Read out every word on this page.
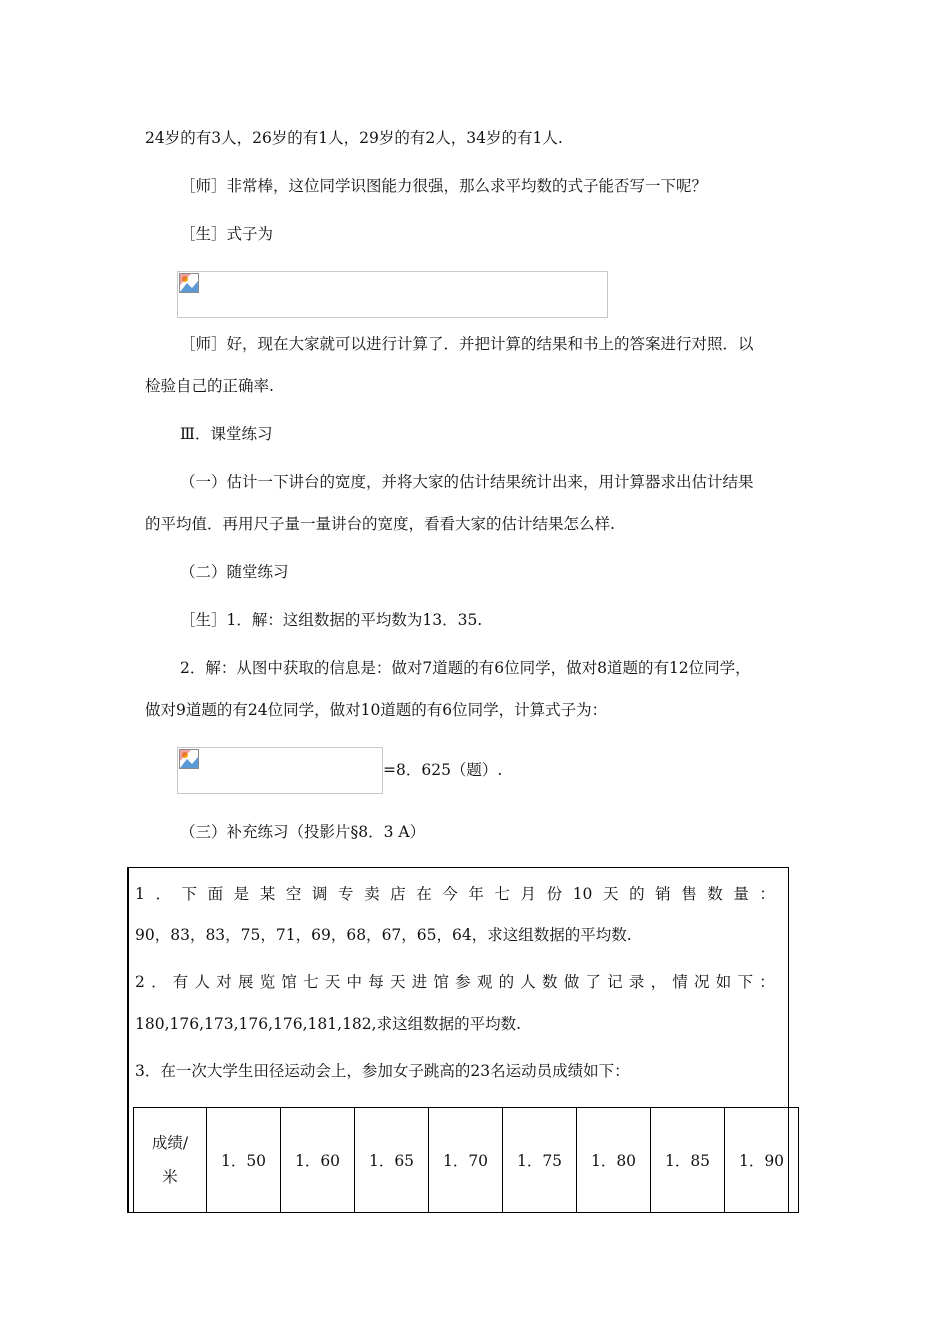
24岁的有3人，26岁的有1人，29岁的有2人，34岁的有1人.
［师］非常棒，这位同学识图能力很强，那么求平均数的式子能否写一下呢？
［生］式子为
［师］好，现在大家就可以进行计算了．并把计算的结果和书上的答案进行对照．以
检验自己的正确率.
Ⅲ．课堂练习
（一）估计一下讲台的宽度，并将大家的估计结果统计出来，用计算器求出估计结果
的平均值．再用尺子量一量讲台的宽度，看看大家的估计结果怎么样.
（二）随堂练习
［生］1．解：这组数据的平均数为13．35.
2．解：从图中获取的信息是：做对7道题的有6位同学，做对8道题的有12位同学，
做对9道题的有24位同学，做对10道题的有6位同学，计算式子为：
=8．625（题）.
（三）补充练习（投影片§8．3 A）
1 ． 下 面 是 某 空 调 专 卖 店 在 今 年 七 月 份 10 天 的 销 售 数 量 ：
90，83，83，75，71，69，68，67，65，64，求这组数据的平均数.
2 ． 有 人 对 展 览 馆 七 天 中 每 天 进 馆 参 观 的 人 数 做 了 记 录 ， 情 况 如 下 ：
180,176,173,176,176,181,182,求这组数据的平均数.
3．在一次大学生田径运动会上，参加女子跳高的23名运动员成绩如下：
成绩/
米
	1．50	1．60	1．65	1．70	1．75	1．80	1．85	1．90
